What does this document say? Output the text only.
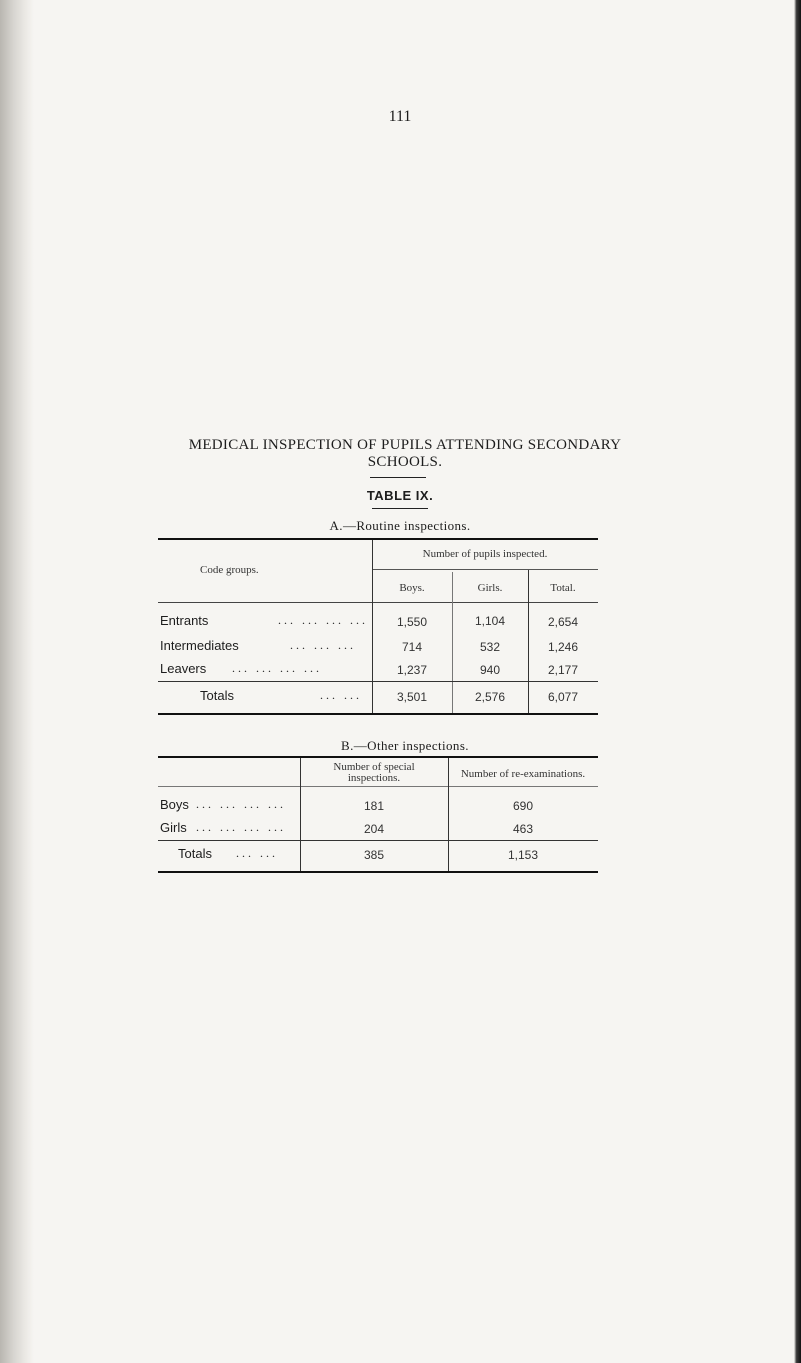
111
MEDICAL INSPECTION OF PUPILS ATTENDING SECONDARY
SCHOOLS.
TABLE IX.
A.—Routine inspections.
Code groups.
Number of pupils inspected.
Boys.	Girls.	Total.
Entrants	... ... ... ...	1,550	1,104	2,654
Intermediates	... ... ...	714	532	1,246
Leavers ... ... ... ...	1,237	940	2,177
Totals	... ...	3,501	2,576	6,077
B.—Other inspections.
Number of special
inspections.	Number of re-examinations.
Boys ... ... ... ...	181	690
Girls ... ... ... ...	204	463
Totals ... ...	385	1,153
